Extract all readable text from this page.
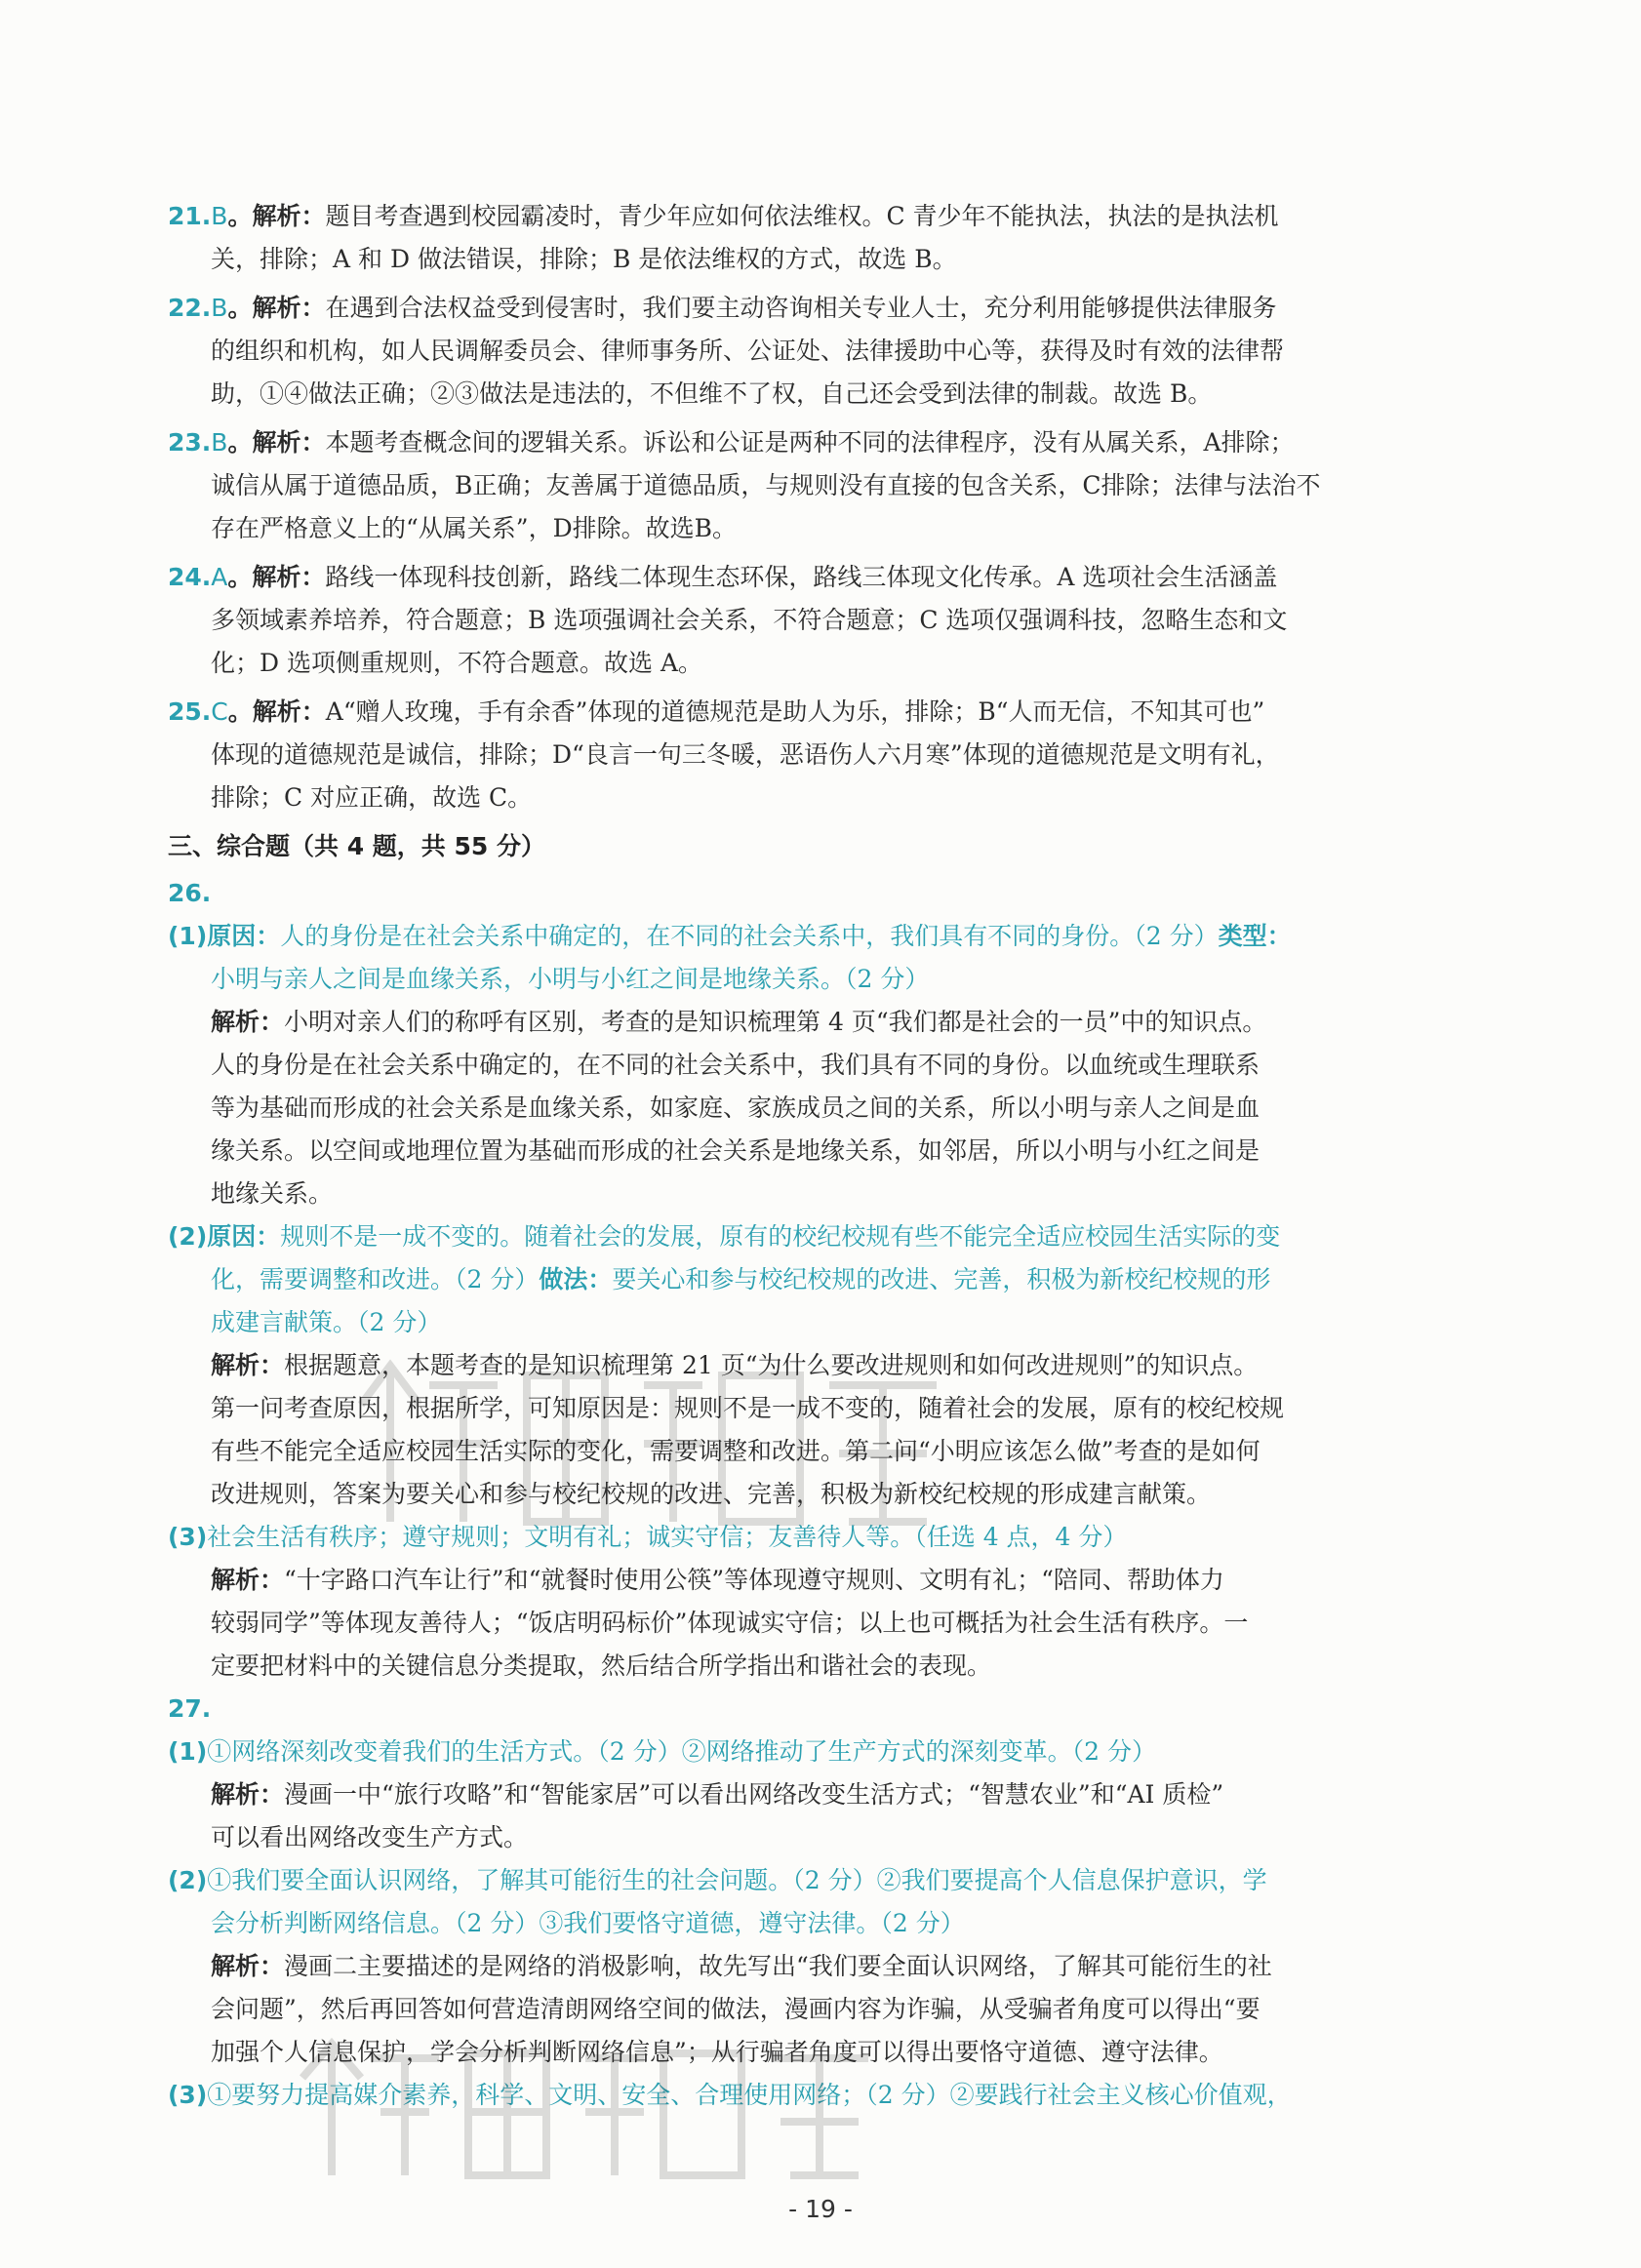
21.B。解析：题目考查遇到校园霸凌时，青少年应如何依法维权。C 青少年不能执法，执法的是执法机
关，排除；A 和 D 做法错误，排除；B 是依法维权的方式，故选 B。
22.B。解析：在遇到合法权益受到侵害时，我们要主动咨询相关专业人士，充分利用能够提供法律服务
的组织和机构，如人民调解委员会、律师事务所、公证处、法律援助中心等，获得及时有效的法律帮
助，①④做法正确；②③做法是违法的，不但维不了权，自己还会受到法律的制裁。故选 B。
23.B。解析：本题考查概念间的逻辑关系。诉讼和公证是两种不同的法律程序，没有从属关系，A排除；
诚信从属于道德品质，B正确；友善属于道德品质，与规则没有直接的包含关系，C排除；法律与法治不
存在严格意义上的“从属关系”，D排除。故选B。
24.A。解析：路线一体现科技创新，路线二体现生态环保，路线三体现文化传承。A 选项社会生活涵盖
多领域素养培养，符合题意；B 选项强调社会关系，不符合题意；C 选项仅强调科技，忽略生态和文
化；D 选项侧重规则，不符合题意。故选 A。
25.C。解析：A“赠人玫瑰，手有余香”体现的道德规范是助人为乐，排除；B“人而无信，不知其可也”
体现的道德规范是诚信，排除；D“良言一句三冬暖，恶语伤人六月寒”体现的道德规范是文明有礼，
排除；C 对应正确，故选 C。
三、综合题（共 4 题，共 55 分）
26.
(1)原因：人的身份是在社会关系中确定的，在不同的社会关系中，我们具有不同的身份。（2 分）类型：
小明与亲人之间是血缘关系，小明与小红之间是地缘关系。（2 分）
解析：小明对亲人们的称呼有区别，考查的是知识梳理第 4 页“我们都是社会的一员”中的知识点。
人的身份是在社会关系中确定的，在不同的社会关系中，我们具有不同的身份。以血统或生理联系
等为基础而形成的社会关系是血缘关系，如家庭、家族成员之间的关系，所以小明与亲人之间是血
缘关系。以空间或地理位置为基础而形成的社会关系是地缘关系，如邻居，所以小明与小红之间是
地缘关系。
(2)原因：规则不是一成不变的。随着社会的发展，原有的校纪校规有些不能完全适应校园生活实际的变
化，需要调整和改进。（2 分）做法：要关心和参与校纪校规的改进、完善，积极为新校纪校规的形
成建言献策。（2 分）
解析：根据题意，本题考查的是知识梳理第 21 页“为什么要改进规则和如何改进规则”的知识点。
第一问考查原因，根据所学，可知原因是：规则不是一成不变的，随着社会的发展，原有的校纪校规
有些不能完全适应校园生活实际的变化，需要调整和改进。第二问“小明应该怎么做”考查的是如何
改进规则，答案为要关心和参与校纪校规的改进、完善，积极为新校纪校规的形成建言献策。
(3)社会生活有秩序；遵守规则；文明有礼；诚实守信；友善待人等。（任选 4 点，4 分）
解析：“十字路口汽车让行”和“就餐时使用公筷”等体现遵守规则、文明有礼；“陪同、帮助体力
较弱同学”等体现友善待人；“饭店明码标价”体现诚实守信；以上也可概括为社会生活有秩序。一
定要把材料中的关键信息分类提取，然后结合所学指出和谐社会的表现。
27.
(1)①网络深刻改变着我们的生活方式。（2 分）②网络推动了生产方式的深刻变革。（2 分）
解析：漫画一中“旅行攻略”和“智能家居”可以看出网络改变生活方式；“智慧农业”和“AI 质检”
可以看出网络改变生产方式。
(2)①我们要全面认识网络，了解其可能衍生的社会问题。（2 分）②我们要提高个人信息保护意识，学
会分析判断网络信息。（2 分）③我们要恪守道德，遵守法律。（2 分）
解析：漫画二主要描述的是网络的消极影响，故先写出“我们要全面认识网络，了解其可能衍生的社
会问题”，然后再回答如何营造清朗网络空间的做法，漫画内容为诈骗，从受骗者角度可以得出“要
加强个人信息保护，学会分析判断网络信息”；从行骗者角度可以得出要恪守道德、遵守法律。
(3)①要努力提高媒介素养，科学、文明、安全、合理使用网络；（2 分）②要践行社会主义核心价值观，
- 19 -
